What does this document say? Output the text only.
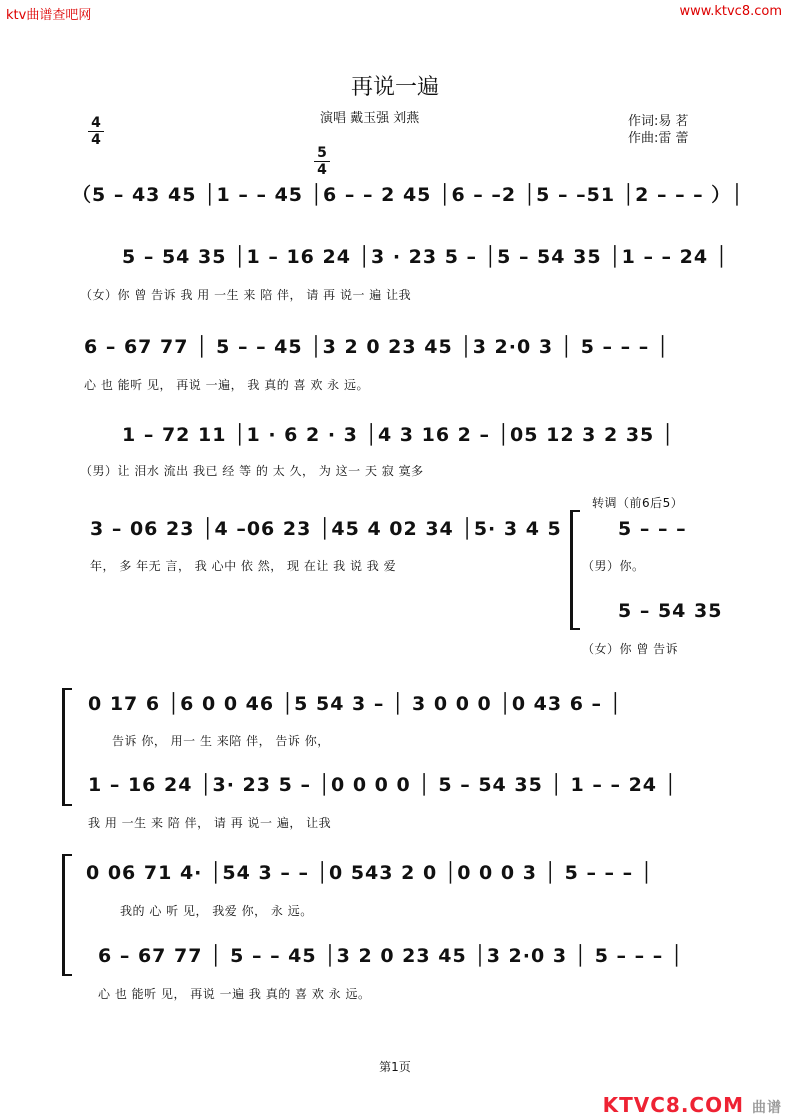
ktv曲谱查吧网	www.ktvc8.com
再说一遍
演唱 戴玉强 刘燕	作词:易 茗
作曲:雷 蕾
4
4
5
4
（5 – 43 45 │1 – – 45 │6 – – 2 45 │6 – –2 │5 – –51 │2 – – – ）│
5 – 54 35 │1 – 16 24 │3 · 23 5 – │5 – 54 35 │1 – – 24 │
（女）你 曾 告诉 我 用 一生 来 陪 伴， 请 再 说一 遍 让我
6 – 67 77 │ 5 – – 45 │3 2 0 23 45 │3 2·0 3 │ 5 – – – │
心 也 能听 见， 再说 一遍， 我 真的 喜 欢 永 远。
1 – 72 11 │1 · 6 2 · 3 │4 3 16 2 – │05 12 3 2 35 │
（男）让 泪水 流出 我已 经 等 的 太 久， 为 这一 天 寂 寞多
3 – 06 23 │4 –06 23 │45 4 02 34 │5· 3 4 5
年， 多 年无 言， 我 心中 依 然， 现 在让 我 说 我 爱
转调（前6后5）
5 – – –
（男）你。
5 – 54 35
（女）你 曾 告诉
0 17 6 │6 0 0 46 │5 54 3 – │ 3 0 0 0 │0 43 6 – │
告诉 你， 用一 生 来陪 伴， 告诉 你，
1 – 16 24 │3· 23 5 – │0 0 0 0 │ 5 – 54 35 │ 1 – – 24 │
我 用 一生 来 陪 伴， 请 再 说一 遍， 让我
0 06 71 4· │54 3 – – │0 543 2 0 │0 0 0 3 │ 5 – – – │
我的 心 听 见， 我爱 你， 永 远。
6 – 67 77 │ 5 – – 45 │3 2 0 23 45 │3 2·0 3 │ 5 – – – │
心 也 能听 见， 再说 一遍 我 真的 喜 欢 永 远。
第1页
KTVC8.COM 曲谱
